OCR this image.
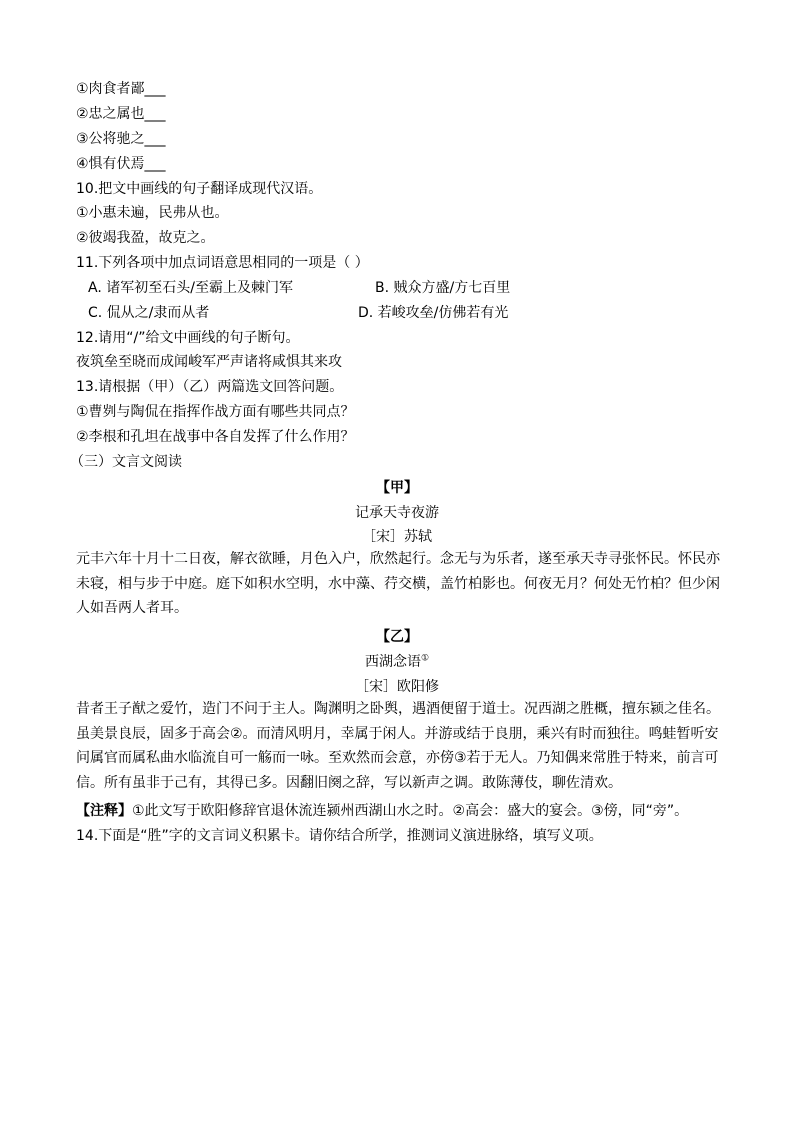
①肉食者鄙___
②忠之属也___
③公将驰之___
④惧有伏焉___
10.把文中画线的句子翻译成现代汉语。
①小惠未遍，民弗从也。
②彼竭我盈，故克之。
11.下列各项中加点词语意思相同的一项是（ ）
A. 诸军初至石头/至霸上及棘门军	B. 贼众方盛/方七百里
C. 侃从之/隶而从者	D. 若峻攻垒/仿佛若有光
12.请用“/”给文中画线的句子断句。
夜筑垒至晓而成闻峻军严声诸将咸惧其来攻
13.请根据（甲）（乙）两篇选文回答问题。
①曹刿与陶侃在指挥作战方面有哪些共同点？
②李根和孔坦在战事中各自发挥了什么作用？
（三）文言文阅读
【甲】
记承天寺夜游
［宋］苏轼
元丰六年十月十二日夜，解衣欲睡，月色入户，欣然起行。念无与为乐者，遂至承天寺寻张怀民。怀民亦
未寝，相与步于中庭。庭下如积水空明，水中藻、荇交横，盖竹柏影也。何夜无月？何处无竹柏？但少闲
人如吾两人者耳。
【乙】
西湖念语①
［宋］欧阳修
昔者王子猷之爱竹，造门不问于主人。陶渊明之卧舆，遇酒便留于道士。况西湖之胜概，擅东颍之佳名。
虽美景良辰，固多于高会②。而清风明月，幸属于闲人。并游或结于良朋，乘兴有时而独往。鸣蛙暂听安
问属官而属私曲水临流自可一觞而一咏。至欢然而会意，亦傍③若于无人。乃知偶来常胜于特来，前言可
信。所有虽非于己有，其得已多。因翻旧阕之辞，写以新声之调。敢陈薄伎，聊佐清欢。
【注释】①此文写于欧阳修辞官退休流连颍州西湖山水之时。②高会：盛大的宴会。③傍，同“旁”。
14.下面是“胜”字的文言词义积累卡。请你结合所学，推测词义演进脉络，填写义项。
